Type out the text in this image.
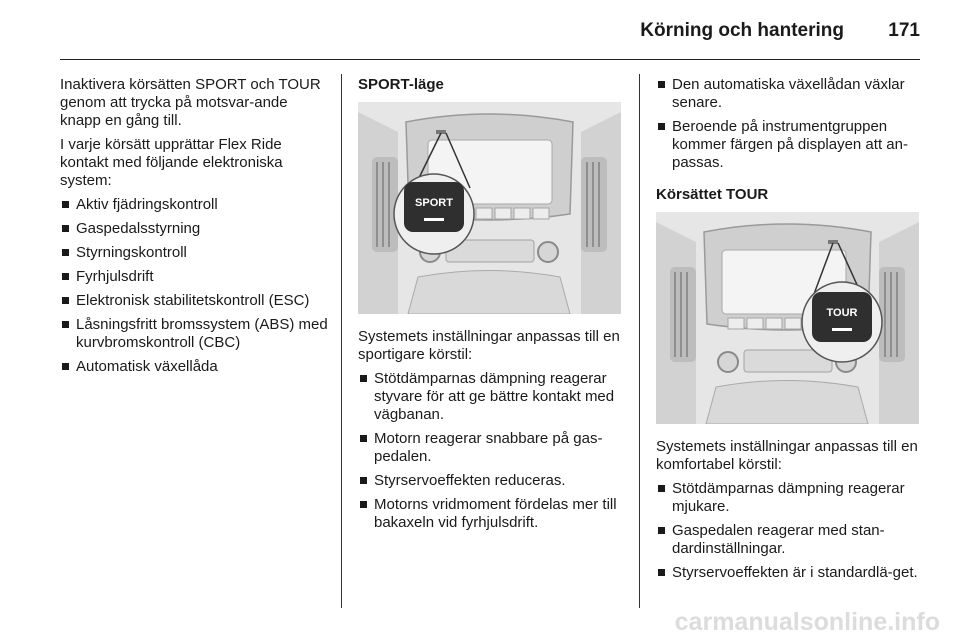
Körning och hantering	171

Inaktivera körsätten SPORT och TOUR genom att trycka på motsvar-ande knapp en gång till.

I varje körsätt upprättar Flex Ride kontakt med följande elektroniska system:

Aktiv fjädringskontroll
Gaspedalsstyrning
Styrningskontroll
Fyrhjulsdrift
Elektronisk stabilitetskontroll (ESC)
Låsningsfritt bromssystem (ABS) med kurvbromskontroll (CBC)
Automatisk växellåda
SPORT-läge
SPORT

Systemets inställningar anpassas till en sportigare körstil:

Stötdämparnas dämpning reagerar styvare för att ge bättre kontakt med vägbanan.
Motorn reagerar snabbare på gas-pedalen.
Styrservoeffekten reduceras.
Motorns vridmoment fördelas mer till bakaxeln vid fyrhjulsdrift.
Den automatiska växellådan växlar senare.
Beroende på instrumentgruppen kommer färgen på displayen att an-passas.
Körsättet TOUR
TOUR

Systemets inställningar anpassas till en komfortabel körstil:

Stötdämparnas dämpning reagerar mjukare.
Gaspedalen reagerar med stan-dardinställningar.
Styrservoeffekten är i standardlä-get.
carmanualsonline.info
